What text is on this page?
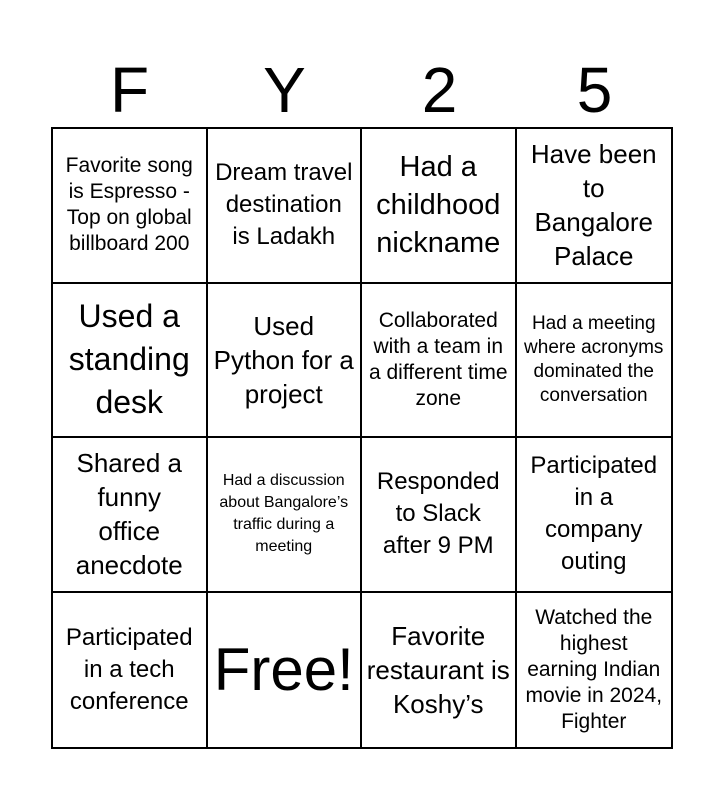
F	Y	2	5
Favorite song is Espresso - Top on global billboard 200
Dream travel destination is Ladakh
Had a childhood nickname
Have been to Bangalore Palace
Used a standing desk
Used Python for a project
Collaborated with a team in a different time zone
Had a meeting where acronyms dominated the conversation
Shared a funny office anecdote
Had a discussion about Bangalore’s traffic during a meeting
Responded to Slack after 9 PM
Participated in a company outing
Participated in a tech conference Free!	Favorite restaurant is Koshy’s
Watched the highest earning Indian movie in 2024, Fighter
